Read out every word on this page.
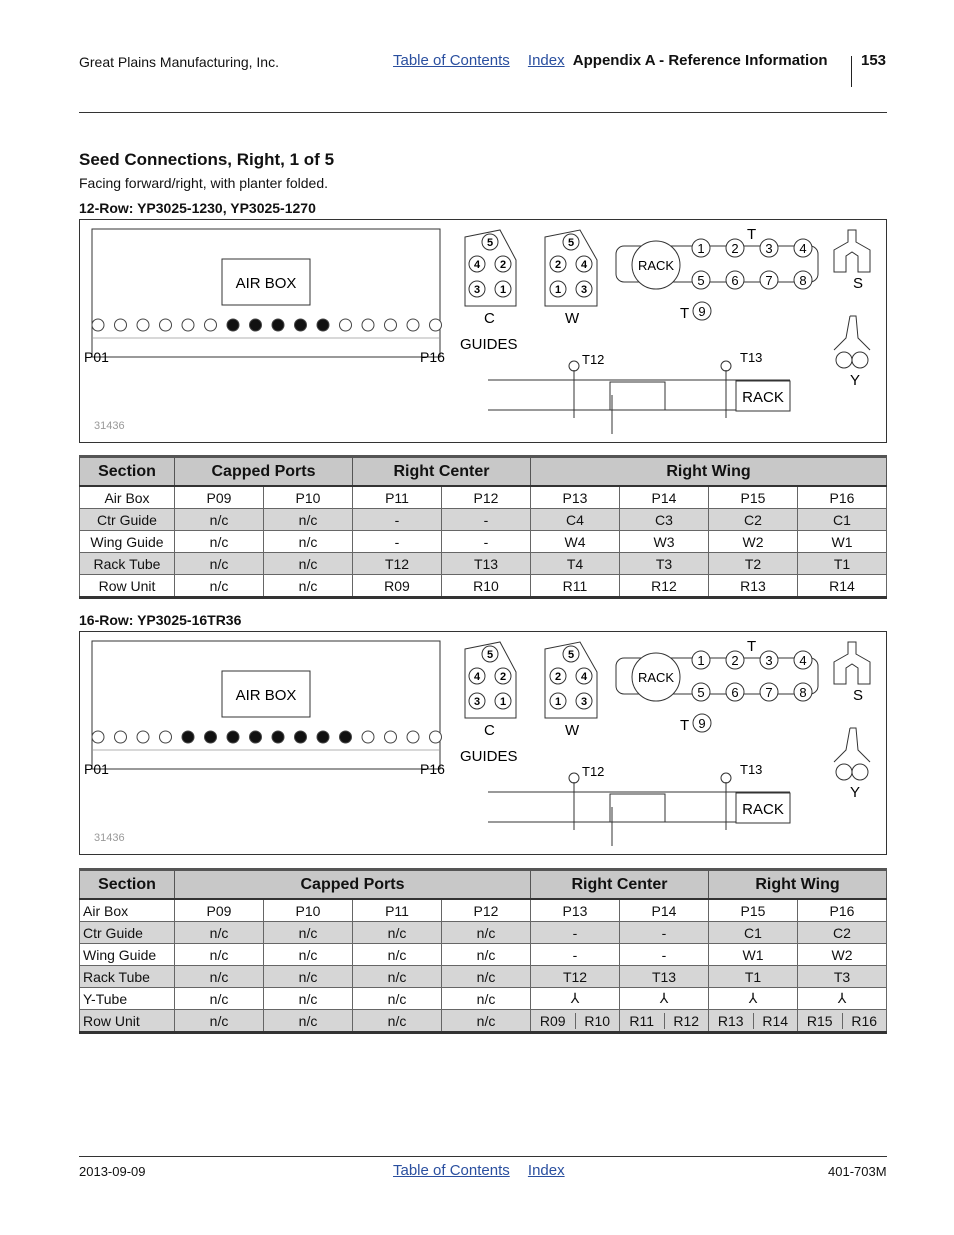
Great Plains Manufacturing, Inc.	Table of Contents Index Appendix A - Reference Information 153
Seed Connections, Right, 1 of 5
Facing forward/right, with planter folded.
12-Row: YP3025-1230, YP3025-1270
AIR BOX
P01	P16
5
4 2
3 1
C
GUIDES
5
2 4
1 3
W
RACK
1 2 3 4
5 6 7 8
T
T 9
S
Y
T12	T13
RACK
31436
Section	Capped Ports		Right Center		Right Wing			
Air Box	P09	P10	P11	P12	P13	P14	P15	P16
Ctr Guide	n/c	n/c	-	-	C4	C3	C2	C1
Wing Guide	n/c	n/c	-	-	W4	W3	W2	W1
Rack Tube	n/c	n/c	T12	T13	T4	T3	T2	T1
Row Unit	n/c	n/c	R09	R10	R11	R12	R13	R14
16-Row: YP3025-16TR36
AIR BOX
P01	P16
5
4 2
3 1
C
GUIDES
5
2 4
1 3
W
RACK
1 2 3 4
5 6 7 8
T
T 9
S
Y
T12	T13
RACK
31436
Section	Capped Ports				Right Center		Right Wing	
Air Box	P09	P10	P11	P12	P13	P14	P15	P16
Ctr Guide	n/c	n/c	n/c	n/c	-	-	C1	C2
Wing Guide	n/c	n/c	n/c	n/c	-	-	W1	W2
Rack Tube	n/c	n/c	n/c	n/c	T12	T13	T1	T3
Y-Tube	n/c	n/c	n/c	n/c	⅄	⅄	⅄	⅄
Row Unit	n/c	n/c	n/c	n/c	R09 R10	R11 R12	R13 R14	R15 R16
2013-09-09	Table of Contents Index	401-703M
